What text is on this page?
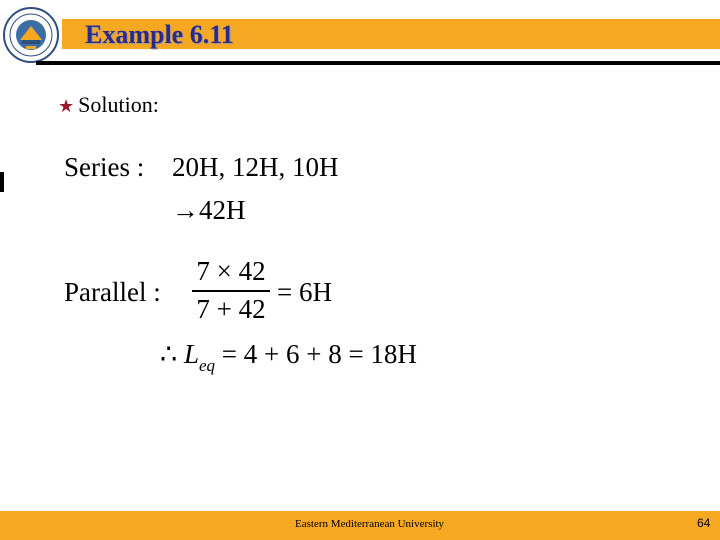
Example 6.11
★ Solution:
Series : 20H, 12H, 10H
→42H
Parallel :
7 × 42
7 + 42
= 6H
∴ $L_{eq} = 4 + 6 + 8 = 18H$
Eastern Mediterranean University	64
